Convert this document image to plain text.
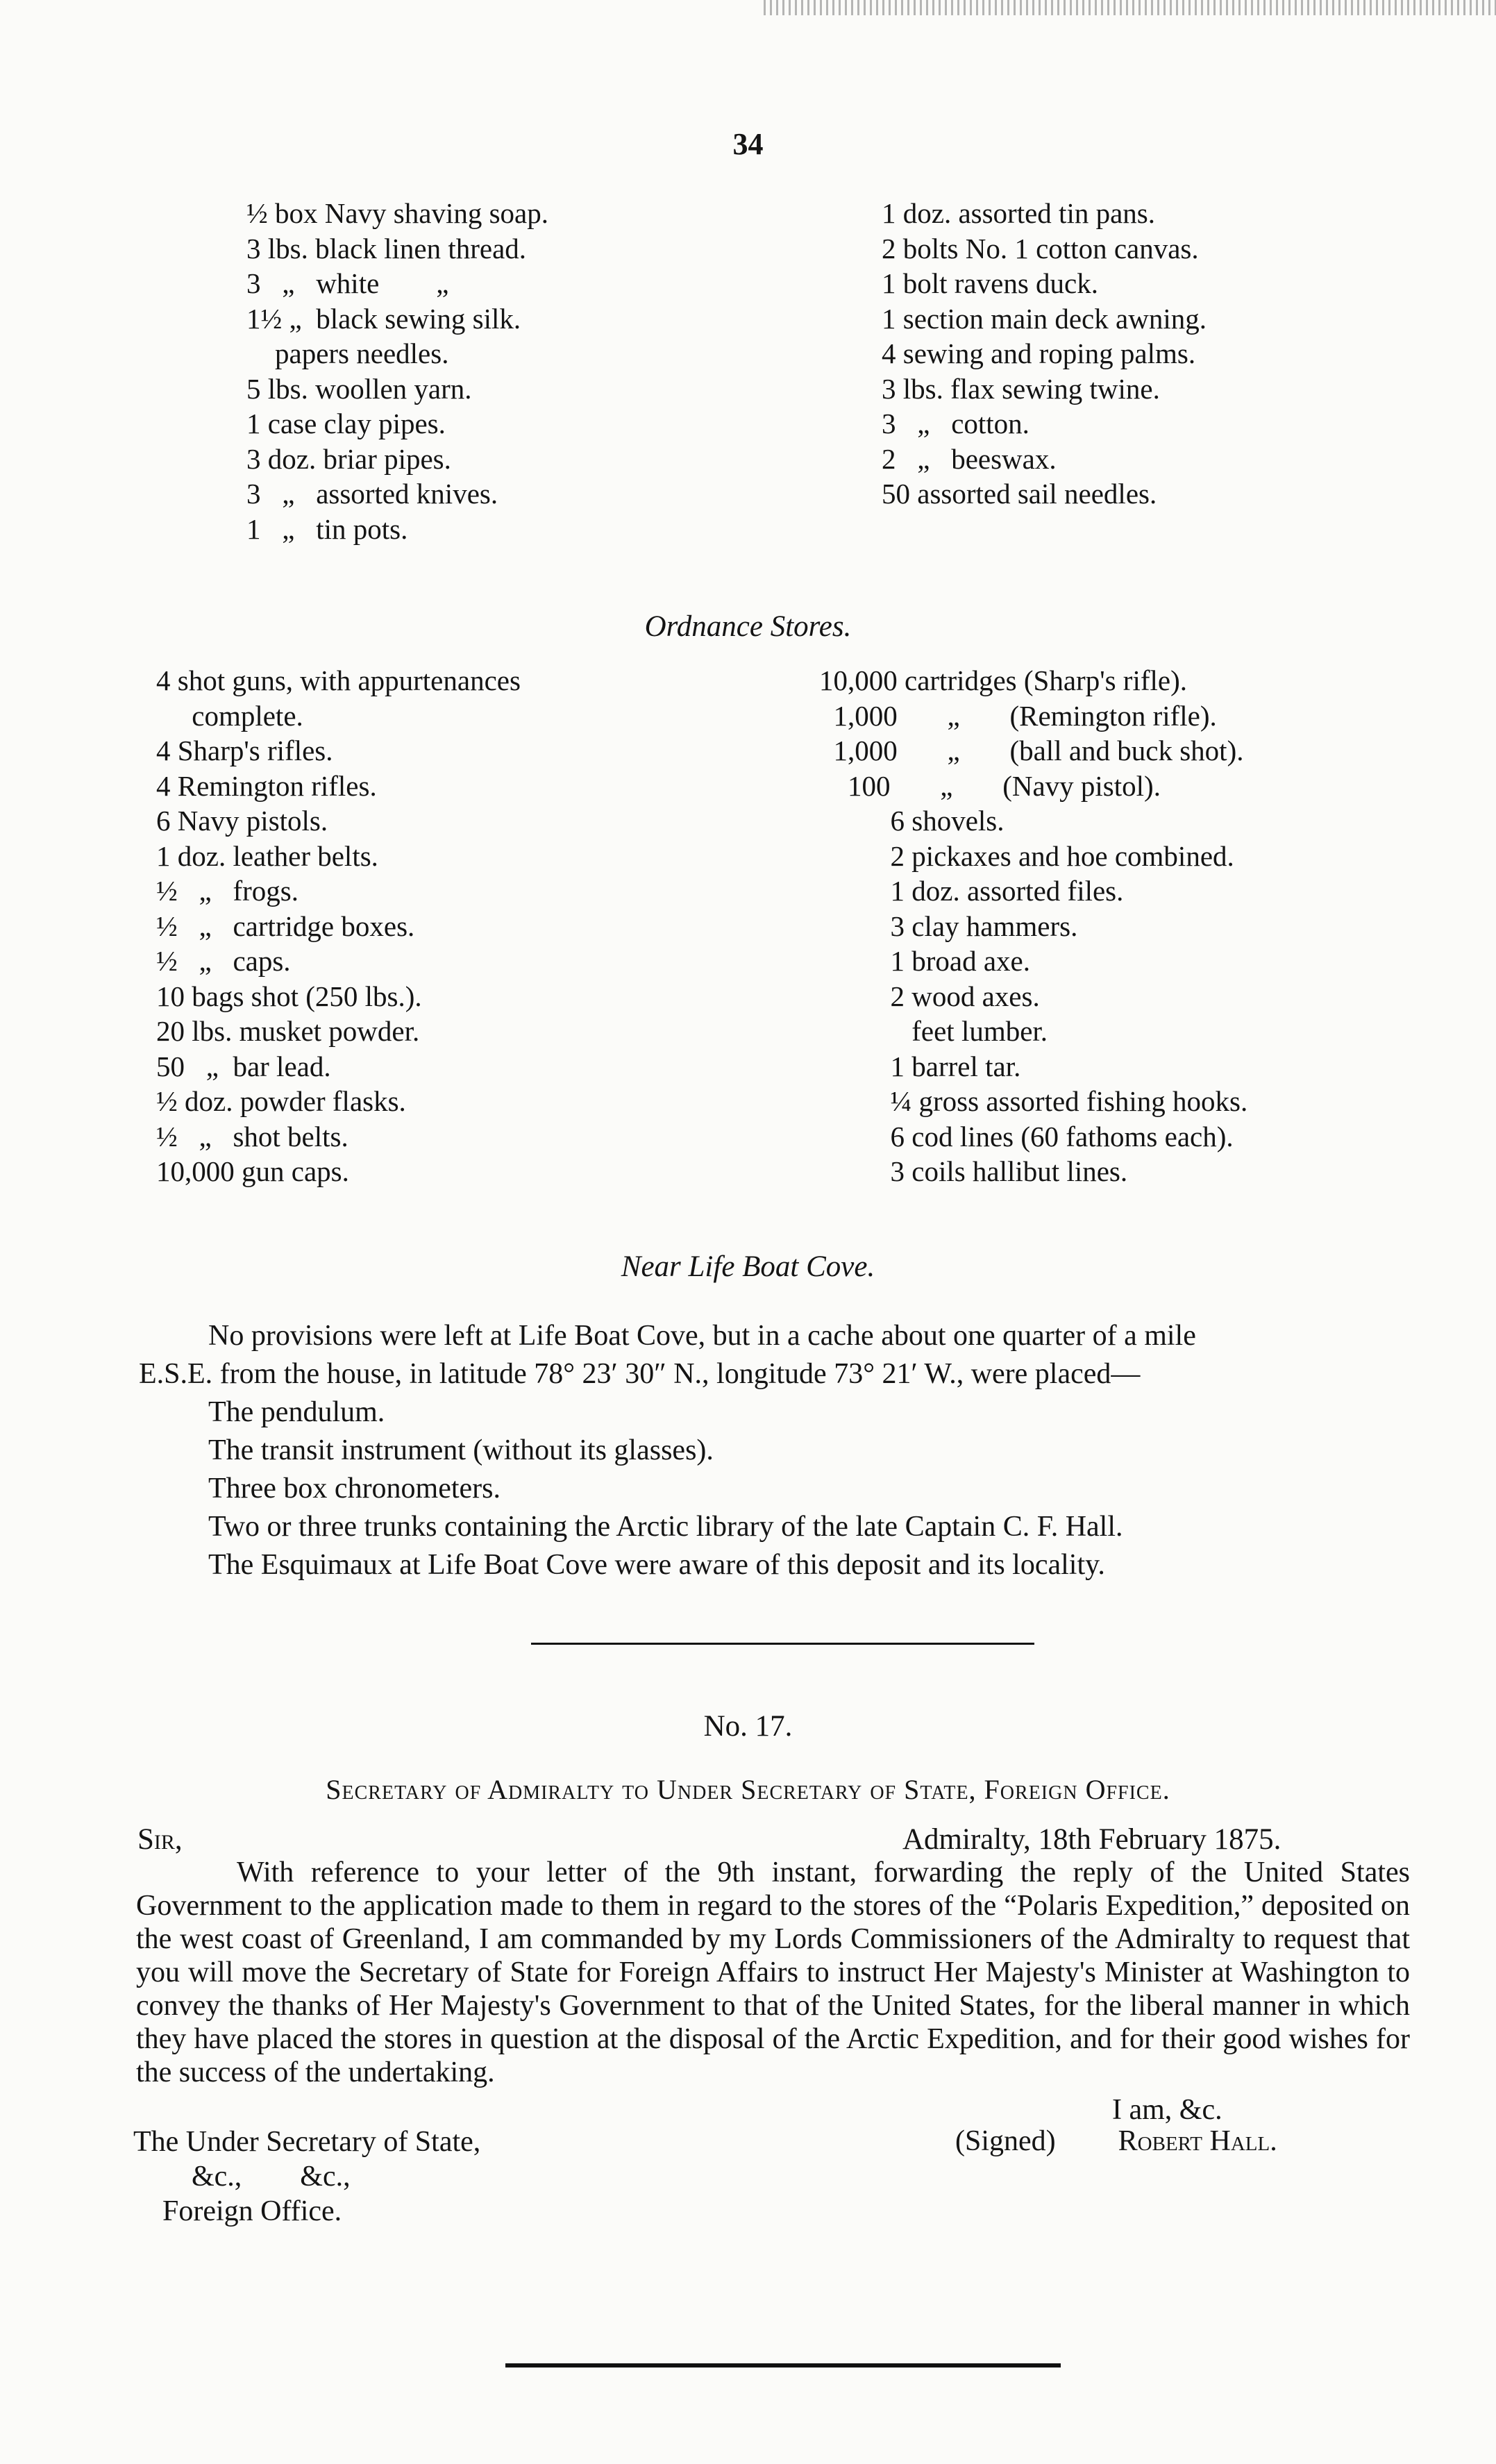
34
½ box Navy shaving soap.
3 lbs. black linen thread.
3   „   white        „
1½ „  black sewing silk.
papers needles.
5 lbs. woollen yarn.
1 case clay pipes.
3 doz. briar pipes.
3   „   assorted knives.
1   „   tin pots.
1 doz. assorted tin pans.
2 bolts No. 1 cotton canvas.
1 bolt ravens duck.
1 section main deck awning.
4 sewing and roping palms.
3 lbs. flax sewing twine.
3   „   cotton.
2   „   beeswax.
50 assorted sail needles.
Ordnance Stores.
4 shot guns, with appurtenances
complete.
4 Sharp's rifles.
4 Remington rifles.
6 Navy pistols.
1 doz. leather belts.
½   „   frogs.
½   „   cartridge boxes.
½   „   caps.
10 bags shot (250 lbs.).
20 lbs. musket powder.
50   „  bar lead.
½ doz. powder flasks.
½   „   shot belts.
10,000 gun caps.
10,000 cartridges (Sharp's rifle).
1,000       „       (Remington rifle).
1,000       „       (ball and buck shot).
100       „       (Navy pistol).
6 shovels.
2 pickaxes and hoe combined.
1 doz. assorted files.
3 clay hammers.
1 broad axe.
2 wood axes.
feet lumber.
1 barrel tar.
¼ gross assorted fishing hooks.
6 cod lines (60 fathoms each).
3 coils hallibut lines.
Near Life Boat Cove.
No provisions were left at Life Boat Cove, but in a cache about one quarter of a mile
E.S.E. from the house, in latitude 78° 23′ 30″ N., longitude 73° 21′ W., were placed—
The pendulum.
The transit instrument (without its glasses).
Three box chronometers.
Two or three trunks containing the Arctic library of the late Captain C. F. Hall.
The Esquimaux at Life Boat Cove were aware of this deposit and its locality.
No. 17.
Secretary of Admiralty to Under Secretary of State, Foreign Office.
Sir,	Admiralty, 18th February 1875.
With reference to your letter of the 9th instant, forwarding the reply of the United States Government to the application made to them in regard to the stores of the “Polaris Expedition,” deposited on the west coast of Greenland, I am commanded by my Lords Commissioners of the Admiralty to request that you will move the Secretary of State for Foreign Affairs to instruct Her Majesty's Minister at Washington to convey the thanks of Her Majesty's Government to that of the United States, for the liberal manner in which they have placed the stores in question at the disposal of the Arctic Expedition, and for their good wishes for the success of the undertaking.
I am, &c.
The Under Secretary of State,
&c.,        &c.,
Foreign Office.
(Signed) Robert Hall.
